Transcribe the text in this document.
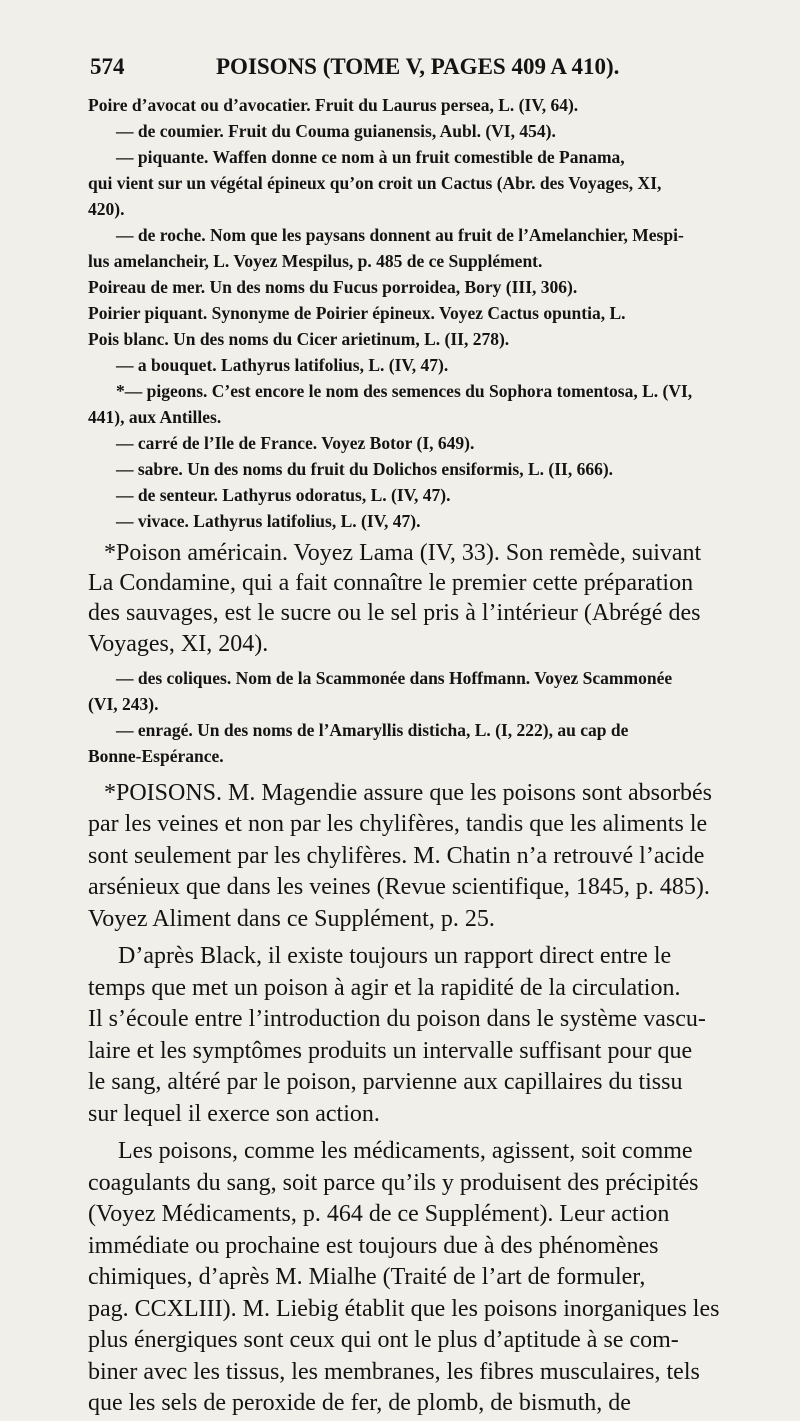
574	POISONS (TOME V, PAGES 409 A 410).
Poire d’avocat ou d’avocatier. Fruit du Laurus persea, L. (IV, 64).
— de coumier. Fruit du Couma guianensis, Aubl. (VI, 454).
— piquante. Waffen donne ce nom à un fruit comestible de Panama,
qui vient sur un végétal épineux qu’on croit un Cactus (Abr. des Voyages, XI,
420).
— de roche. Nom que les paysans donnent au fruit de l’Amelanchier, Mespi-
lus amelancheir, L. Voyez Mespilus, p. 485 de ce Supplément.
Poireau de mer. Un des noms du Fucus porroidea, Bory (III, 306).
Poirier piquant. Synonyme de Poirier épineux. Voyez Cactus opuntia, L.
Pois blanc. Un des noms du Cicer arietinum, L. (II, 278).
— a bouquet. Lathyrus latifolius, L. (IV, 47).
*— pigeons. C’est encore le nom des semences du Sophora tomentosa, L. (VI,
441), aux Antilles.
— carré de l’Ile de France. Voyez Botor (I, 649).
— sabre. Un des noms du fruit du Dolichos ensiformis, L. (II, 666).
— de senteur. Lathyrus odoratus, L. (IV, 47).
— vivace. Lathyrus latifolius, L. (IV, 47).
*Poison américain. Voyez Lama (IV, 33). Son remède, suivant
La Condamine, qui a fait connaître le premier cette préparation
des sauvages, est le sucre ou le sel pris à l’intérieur (Abrégé des
Voyages, XI, 204).
— des coliques. Nom de la Scammonée dans Hoffmann. Voyez Scammonée
(VI, 243).
— enragé. Un des noms de l’Amaryllis disticha, L. (I, 222), au cap de
Bonne-Espérance.
*POISONS. M. Magendie assure que les poisons sont absorbés
par les veines et non par les chylifères, tandis que les aliments le
sont seulement par les chylifères. M. Chatin n’a retrouvé l’acide
arsénieux que dans les veines (Revue scientifique, 1845, p. 485).
Voyez Aliment dans ce Supplément, p. 25.
D’après Black, il existe toujours un rapport direct entre le
temps que met un poison à agir et la rapidité de la circulation.
Il s’écoule entre l’introduction du poison dans le système vascu-
laire et les symptômes produits un intervalle suffisant pour que
le sang, altéré par le poison, parvienne aux capillaires du tissu
sur lequel il exerce son action.
Les poisons, comme les médicaments, agissent, soit comme
coagulants du sang, soit parce qu’ils y produisent des précipités
(Voyez Médicaments, p. 464 de ce Supplément). Leur action
immédiate ou prochaine est toujours due à des phénomènes
chimiques, d’après M. Mialhe (Traité de l’art de formuler,
pag. CCXLIII). M. Liebig établit que les poisons inorganiques les
plus énergiques sont ceux qui ont le plus d’aptitude à se com-
biner avec les tissus, les membranes, les fibres musculaires, tels
que les sels de peroxide de fer, de plomb, de bismuth, de
